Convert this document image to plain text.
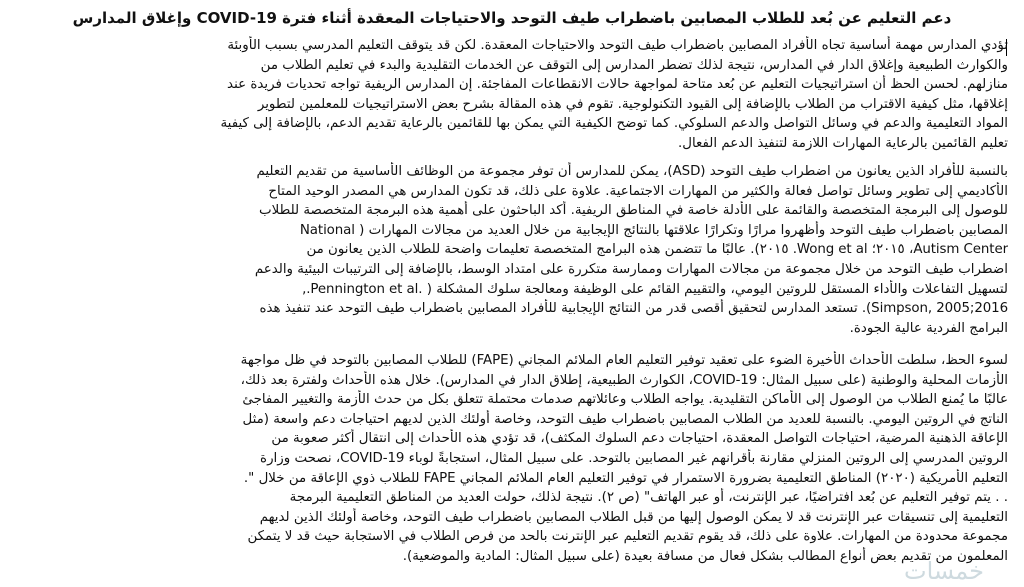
دعم التعليم عن بُعد للطلاب المصابين باضطراب طيف التوحد والاحتياجات المعقدة أثناء فترة COVID-19 وإغلاق المدارس
تؤدي المدارس مهمة أساسية تجاه الأفراد المصابين باضطراب طيف التوحد والاحتياجات المعقدة. لكن قد يتوقف التعليم المدرسي بسبب الأوبئة
والكوارث الطبيعية وإغلاق الدار في المدارس، نتيجة لذلك تضطر المدارس إلى التوقف عن الخدمات التقليدية والبدء في تعليم الطلاب من
منازلهم. لحسن الحظ أن استراتيجيات التعليم عن بُعد متاحة لمواجهة حالات الانقطاعات المفاجئة. إن المدارس الريفية تواجه تحديات فريدة عند
إغلاقها، مثل كيفية الاقتراب من الطلاب بالإضافة إلى القيود التكنولوجية. تقوم في هذه المقالة بشرح بعض الاستراتيجيات للمعلمين لتطوير
المواد التعليمية والدعم في وسائل التواصل والدعم السلوكي. كما توضح الكيفية التي يمكن بها للقائمين بالرعاية تقديم الدعم، بالإضافة إلى كيفية
تعليم القائمين بالرعاية المهارات اللازمة لتنفيذ الدعم الفعال.
بالنسبة للأفراد الذين يعانون من اضطراب طيف التوحد (ASD)، يمكن للمدارس أن توفر مجموعة من الوظائف الأساسية من تقديم التعليم
الأكاديمي إلى تطوير وسائل تواصل فعالة والكثير من المهارات الاجتماعية. علاوة على ذلك، قد تكون المدارس هي المصدر الوحيد المتاح
للوصول إلى البرمجة المتخصصة والقائمة على الأدلة خاصة في المناطق الريفية. أكد الباحثون على أهمية هذه البرمجة المتخصصة للطلاب
المصابين باضطراب طيف التوحد وأظهروا مرارًا وتكرارًا علاقتها بالنتائج الإيجابية من خلال العديد من مجالات المهارات ( National
Autism Center، ٢٠١٥؛ Wong et al. ٢٠١٥). عالبًا ما تتضمن هذه البرامج المتخصصة تعليمات واضحة للطلاب الذين يعانون من
اضطراب طيف التوحد من خلال مجموعة من مجالات المهارات وممارسة متكررة على امتداد الوسط، بالإضافة إلى الترتيبات البيئية والدعم
لتسهيل التفاعلات والأداء المستقل للروتين اليومي، والتقييم القائم على الوظيفة ومعالجة سلوك المشكلة ( .Pennington et al.,
2016;Simpson, 2005). تستعد المدارس لتحقيق أقصى قدر من النتائج الإيجابية للأفراد المصابين باضطراب طيف التوحد عند تنفيذ هذه
البرامج الفردية عالية الجودة.
لسوء الحظ، سلطت الأحداث الأخيرة الضوء على تعقيد توفير التعليم العام الملائم المجاني (FAPE) للطلاب المصابين بالتوحد في ظل مواجهة
الأزمات المحلية والوطنية (على سبيل المثال: COVID-19، الكوارث الطبيعية، إطلاق الدار في المدارس). خلال هذه الأحداث ولفترة بعد ذلك،
عالبًا ما يُمنع الطلاب من الوصول إلى الأماكن التقليدية. يواجه الطلاب وعائلاتهم صدمات محتملة تتعلق بكل من حدث الأزمة والتغيير المفاجئ
الناتج في الروتين اليومي. بالنسبة للعديد من الطلاب المصابين باضطراب طيف التوحد، وخاصة أولئك الذين لديهم احتياجات دعم واسعة (مثل
الإعاقة الذهنية المرضية، احتياجات التواصل المعقدة، احتياجات دعم السلوك المكثف)، قد تؤدي هذه الأحداث إلى انتقال أكثر صعوبة من
الروتين المدرسي إلى الروتين المنزلي مقارنة بأقرانهم غير المصابين بالتوحد. على سبيل المثال، استجابةً لوباء COVID-19، نصحت وزارة
التعليم الأمريكية (٢٠٢٠) المناطق التعليمية بضرورة الاستمرار في توفير التعليم العام الملائم المجاني FAPE للطلاب ذوي الإعاقة من خلال ".
. . يتم توفير التعليم عن بُعد افتراضيًا، عبر الإنترنت، أو عبر الهاتف" (ص ٢). نتيجة لذلك، حولت العديد من المناطق التعليمية البرمجة
التعليمية إلى تنسيقات عبر الإنترنت قد لا يمكن الوصول إليها من قبل الطلاب المصابين باضطراب طيف التوحد، وخاصة أولئك الذين لديهم
مجموعة محدودة من المهارات. علاوة على ذلك، قد يقوم تقديم التعليم عبر الإنترنت بالحد من فرص الطلاب في الاستجابة حيث قد لا يتمكن
المعلمون من تقديم بعض أنواع المطالب بشكل فعال من مسافة بعيدة (على سبيل المثال: المادية والموضعية).
خمسات
